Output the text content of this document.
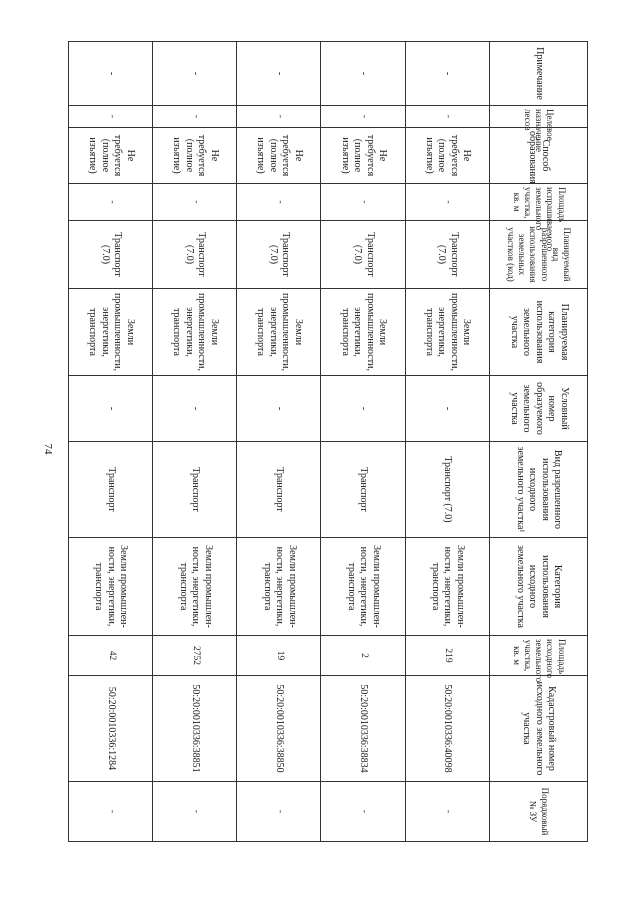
74
Примечание	Целевое назначение лесов	Способ образования	Площадь испрашиваемого земельного участка, кв. м	Планируемый вид разрешенного использования земельных участков (код)	Планируемая категория использования земельного участка	Условный номер образуемого земельного участка	Вид разрешенного использования исходного земельного участка¹	Категория использования исходного земельного участка	Площадь исходного земельного участка, кв. м	Кадастровый номер исходного земельного участка	Порядковый № ЗУ
-	-	Не требуется (полное изъятие)	-	Транспорт (7.0)	Земли промышленности, энергетики, транспорта	-	Транспорт (7.0)	Земли промышлен-ности, энергетики, транспорта	219	50:20:0010336:40098	-
-	-	Не требуется (полное изъятие)	-	Транспорт (7.0)	Земли промышленности, энергетики, транспорта	-	Транспорт	Земли промышлен-ности, энергетики, транспорта	2	50:20:0010336:38834	-
-	-	Не требуется (полное изъятие)	-	Транспорт (7.0)	Земли промышленности, энергетики, транспорта	-	Транспорт	Земли промышлен-ности, энергетики, транспорта	19	50:20:0010336:38850	-
-	-	Не требуется (полное изъятие)	-	Транспорт (7.0)	Земли промышленности, энергетики, транспорта	-	Транспорт	Земли промышлен-ности, энергетики, транспорта	2752	50:20:0010336:38851	-
-	-	Не требуется (полное изъятие)	-	Транспорт (7.0)	Земли промышленности, энергетики, транспорта	-	Транспорт	Земли промышлен-ности, энергетики, транспорта	42	50:20:0010336:1284	-
